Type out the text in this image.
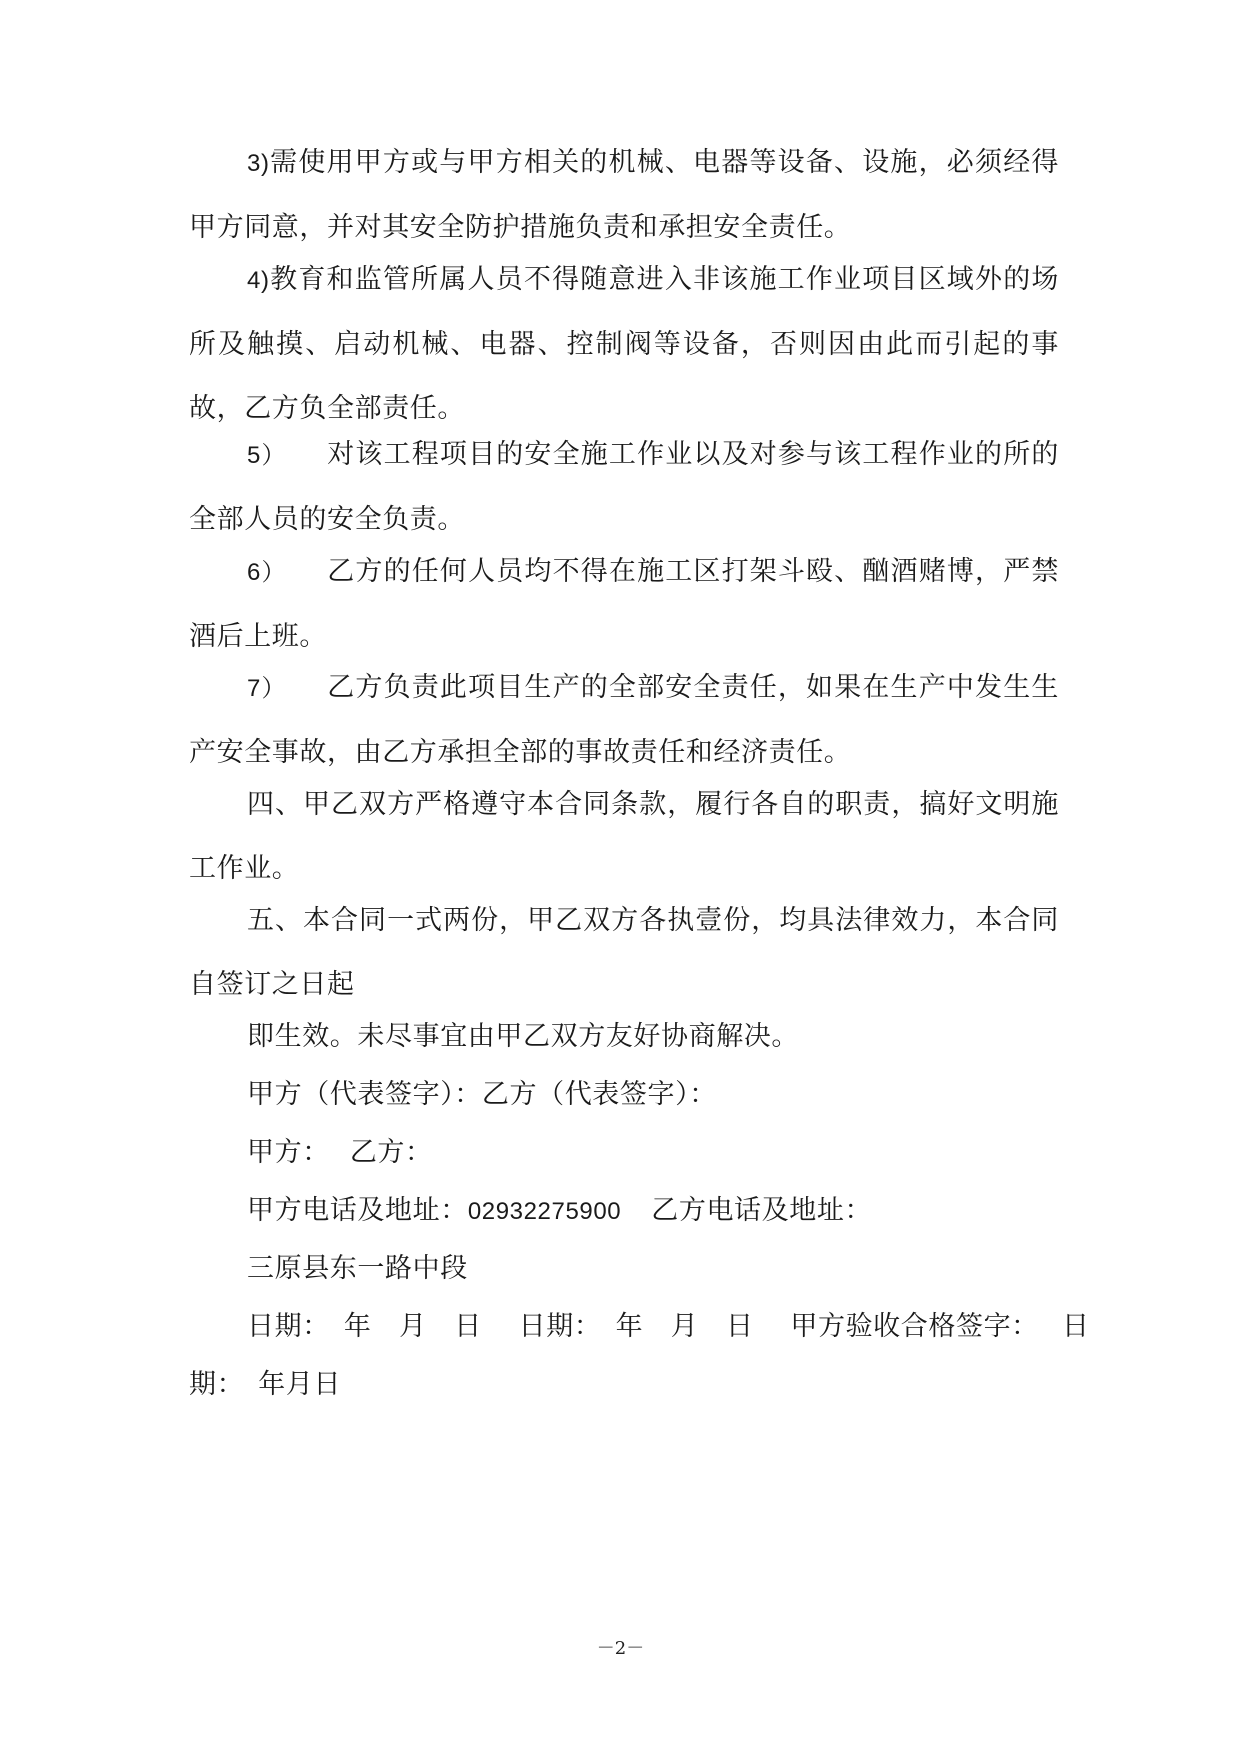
3)需使用甲方或与甲方相关的机械、电器等设备、设施，必须经得甲方同意，并对其安全防护措施负责和承担安全责任。

4)教育和监管所属人员不得随意进入非该施工作业项目区域外的场所及触摸、启动机械、电器、控制阀等设备，否则因由此而引起的事故，乙方负全部责任。

5） 对该工程项目的安全施工作业以及对参与该工程作业的所的全部人员的安全负责。

6） 乙方的任何人员均不得在施工区打架斗殴、酗酒赌博，严禁酒后上班。

7） 乙方负责此项目生产的全部安全责任，如果在生产中发生生产安全事故，由乙方承担全部的事故责任和经济责任。

四、甲乙双方严格遵守本合同条款，履行各自的职责，搞好文明施工作业。

五、本合同一式两份，甲乙双方各执壹份，均具法律效力，本合同自签订之日起

即生效。未尽事宜由甲乙双方友好协商解决。

甲方（代表签字）：乙方（代表签字）：

甲方： 乙方：

甲方电话及地址：02932275900 乙方电话及地址：

三原县东一路中段

日期：　年　月　日　 日期：　年　月　日　 甲方验收合格签字：　 日

期：　年月日

－2－
